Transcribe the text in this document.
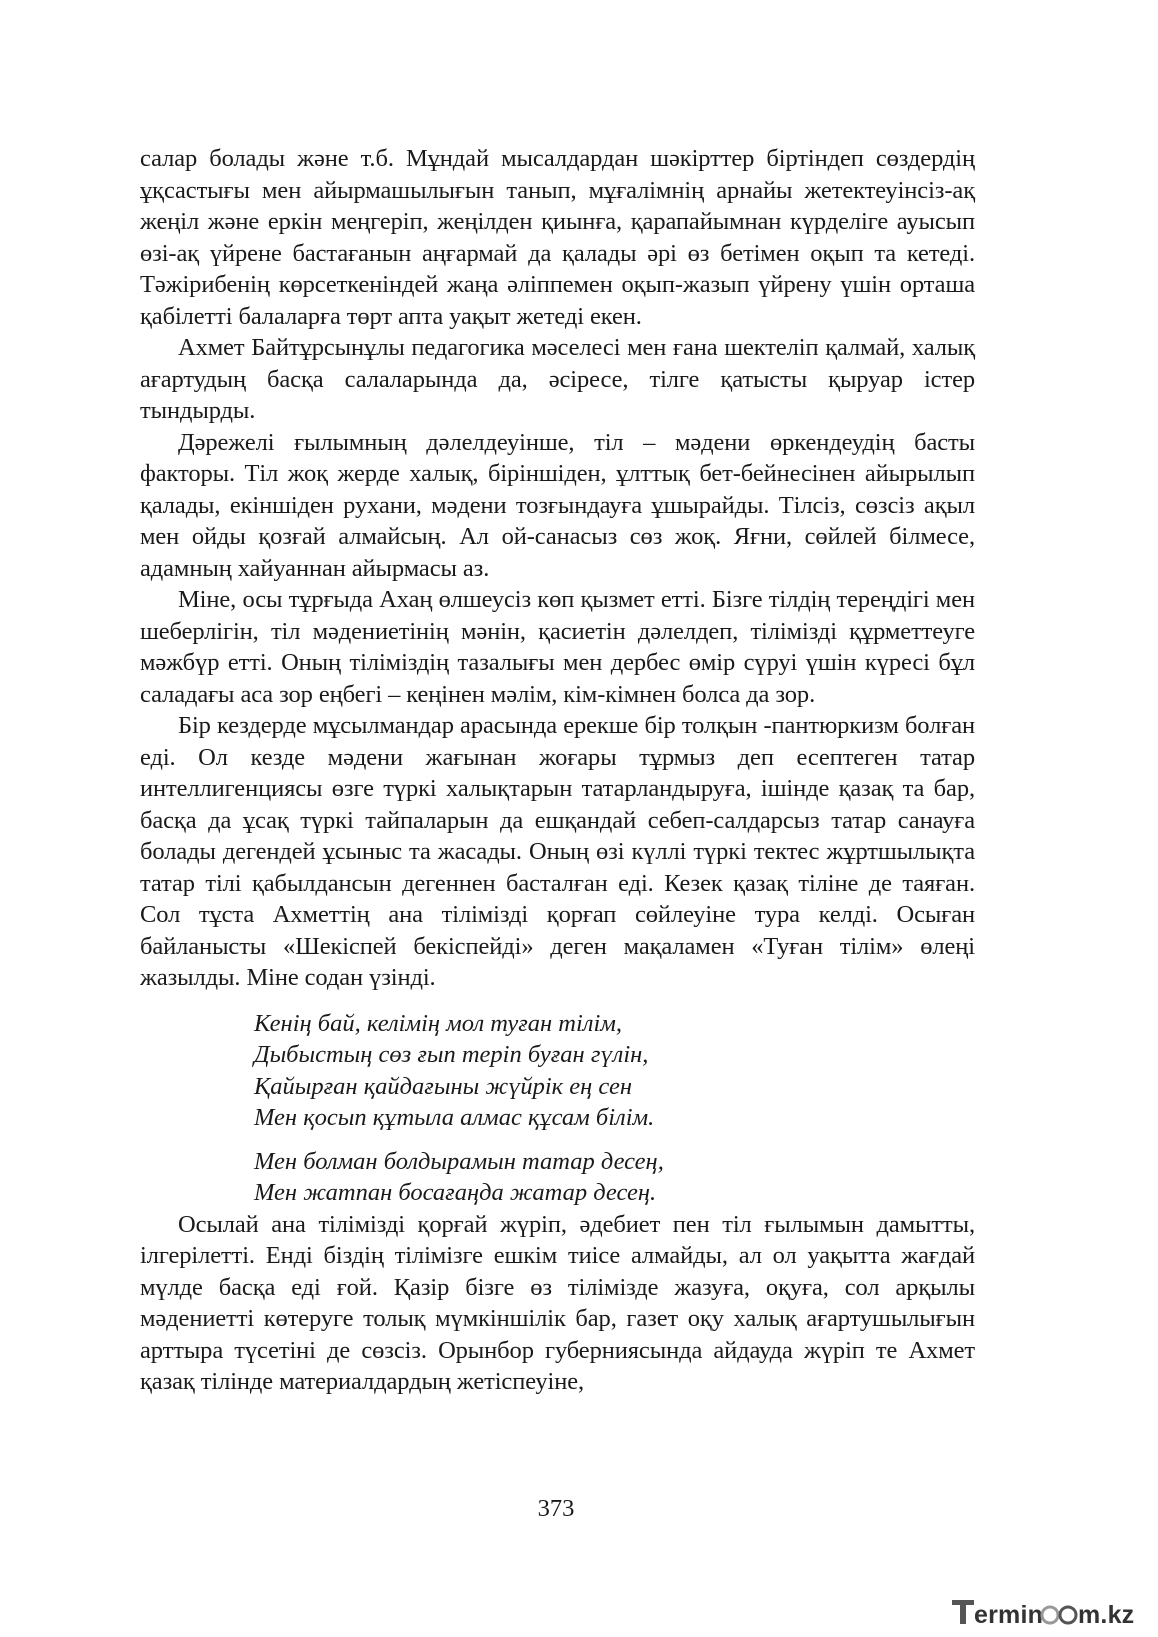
салар болады және т.б. Мұндай мысалдардан шәкірттер біртіндеп сөздердің ұқсастығы мен айырмашылығын танып, мұғалімнің арнайы жетектеуінсіз-ақ жеңіл және еркін меңгеріп, жеңілден қиынға, қарапайымнан күрделіге ауысып өзі-ақ үйрене бастағанын аңғармай да қалады әрі өз бетімен оқып та кетеді. Тәжірибенің көрсеткеніндей жаңа әліппемен оқып-жазып үйрену үшін орташа қабілетті балаларға төрт апта уақыт жетеді екен.

Ахмет Байтұрсынұлы педагогика мәселесі мен ғана шектеліп қалмай, халық ағартудың басқа салаларында да, әсіресе, тілге қатысты қыруар істер тындырды.

Дәрежелі ғылымның дәлелдеуінше, тіл – мәдени өркендеудің басты факторы. Тіл жоқ жерде халық, біріншіден, ұлттық бет-бейнесінен айырылып қалады, екіншіден рухани, мәдени тозғындауға ұшырайды. Тілсіз, сөзсіз ақыл мен ойды қозғай алмайсың. Ал ой-санасыз сөз жоқ. Яғни, сөйлей білмесе, адамның хайуаннан айырмасы аз.

Міне, осы тұрғыда Ахаң өлшеусіз көп қызмет етті. Бізге тілдің тереңдігі мен шеберлігін, тіл мәдениетінің мәнін, қасиетін дәлелдеп, тілімізді құрметтеуге мәжбүр етті. Оның тіліміздің тазалығы мен дербес өмір сүруі үшін күресі бұл саладағы аса зор еңбегі – кеңінен мәлім, кім-кімнен болса да зор.

Бір кездерде мұсылмандар арасында ерекше бір толқын -пантюркизм болған еді. Ол кезде мәдени жағынан жоғары тұрмыз деп есептеген татар интеллигенциясы өзге түркі халықтарын татарландыруға, ішінде қазақ та бар, басқа да ұсақ түркі тайпаларын да ешқандай себеп-салдарсыз татар санауға болады дегендей ұсыныс та жасады. Оның өзі күллі түркі тектес жұртшылықта татар тілі қабылдансын дегеннен басталған еді. Кезек қазақ тіліне де таяған. Сол тұста Ахметтің ана тілімізді қорғап сөйлеуіне тура келді. Осыған байланысты «Шекіспей бекіспейді» деген мақаламен «Туған тілім» өлеңі жазылды. Міне содан үзінді.

Кенің бай, келімің мол туған тілім,
Дыбыстың сөз ғып теріп буған гүлін,
Қайырған қайдағыны жүйрік ең сен
Мен қосып құтыла алмас құсам білім.
Мен болман болдырамын татар десең,
Мен жатпан босағаңда жатар десең.

Осылай ана тілімізді қорғай жүріп, әдебиет пен тіл ғылымын дамытты, ілгерілетті. Енді біздің тілімізге ешкім тиісе алмайды, ал ол уақытта жағдай мүлде басқа еді ғой. Қазір бізге өз тілімізде жазуға, оқуға, сол арқылы мәдениетті көтеруге толық мүмкіншілік бар, газет оқу халық ағартушылығын арттыра түсетіні де сөзсіз. Орынбор губерниясында айдауда жүріп те Ахмет қазақ тілінде материалдардың жетіспеуіне,

373
ermin m.kz
